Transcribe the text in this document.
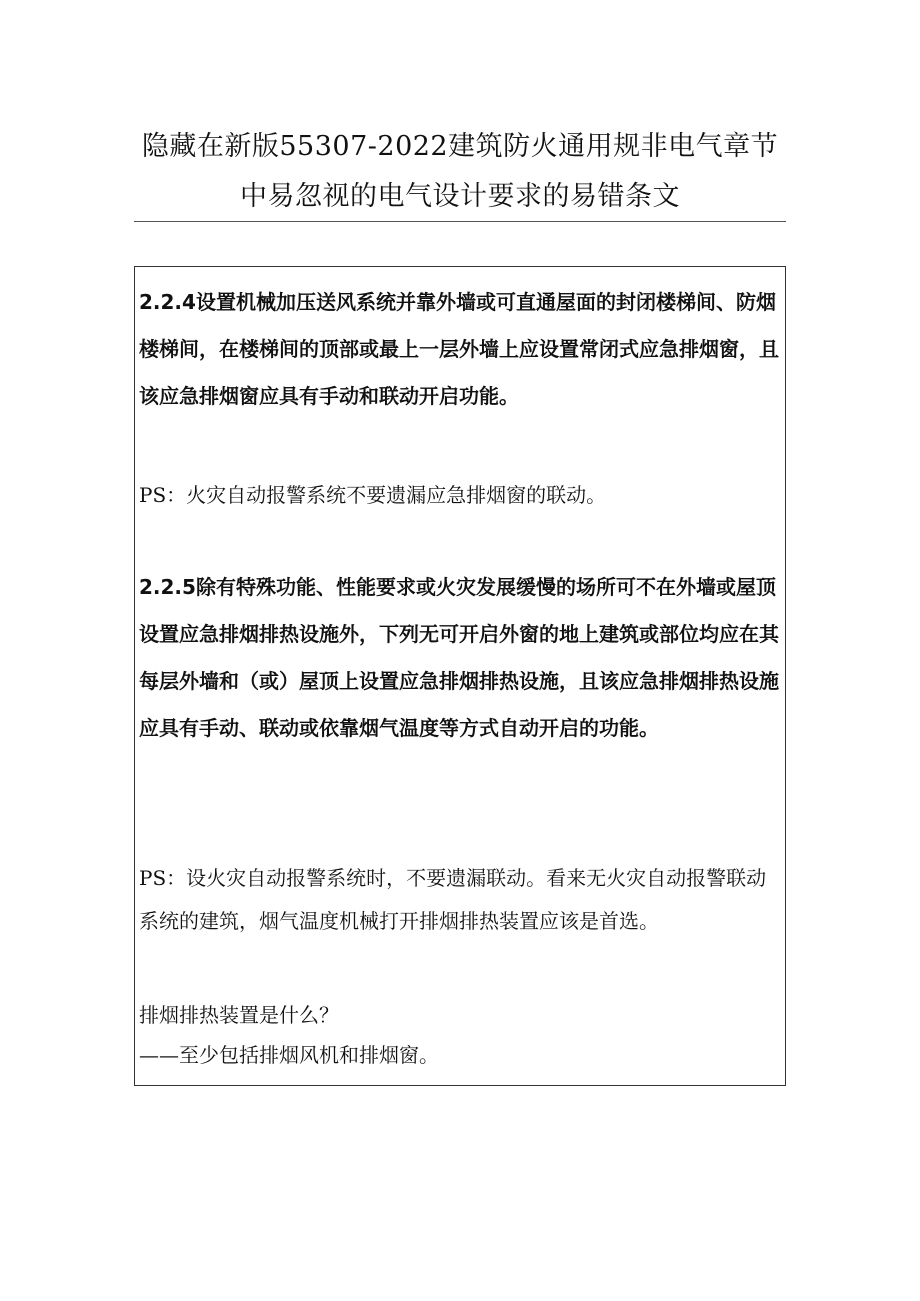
隐藏在新版55307-2022建筑防火通用规非电气章节
中易忽视的电气设计要求的易错条文
2.2.4设置机械加压送风系统并靠外墙或可直通屋面的封闭楼梯间、防烟楼梯间，在楼梯间的顶部或最上一层外墙上应设置常闭式应急排烟窗，且该应急排烟窗应具有手动和联动开启功能。
PS：火灾自动报警系统不要遗漏应急排烟窗的联动。
2.2.5除有特殊功能、性能要求或火灾发展缓慢的场所可不在外墙或屋顶设置应急排烟排热设施外，下列无可开启外窗的地上建筑或部位均应在其每层外墙和（或）屋顶上设置应急排烟排热设施，且该应急排烟排热设施应具有手动、联动或依靠烟气温度等方式自动开启的功能。
PS：设火灾自动报警系统时，不要遗漏联动。看来无火灾自动报警联动系统的建筑，烟气温度机械打开排烟排热装置应该是首选。
排烟排热装置是什么？
——至少包括排烟风机和排烟窗。
